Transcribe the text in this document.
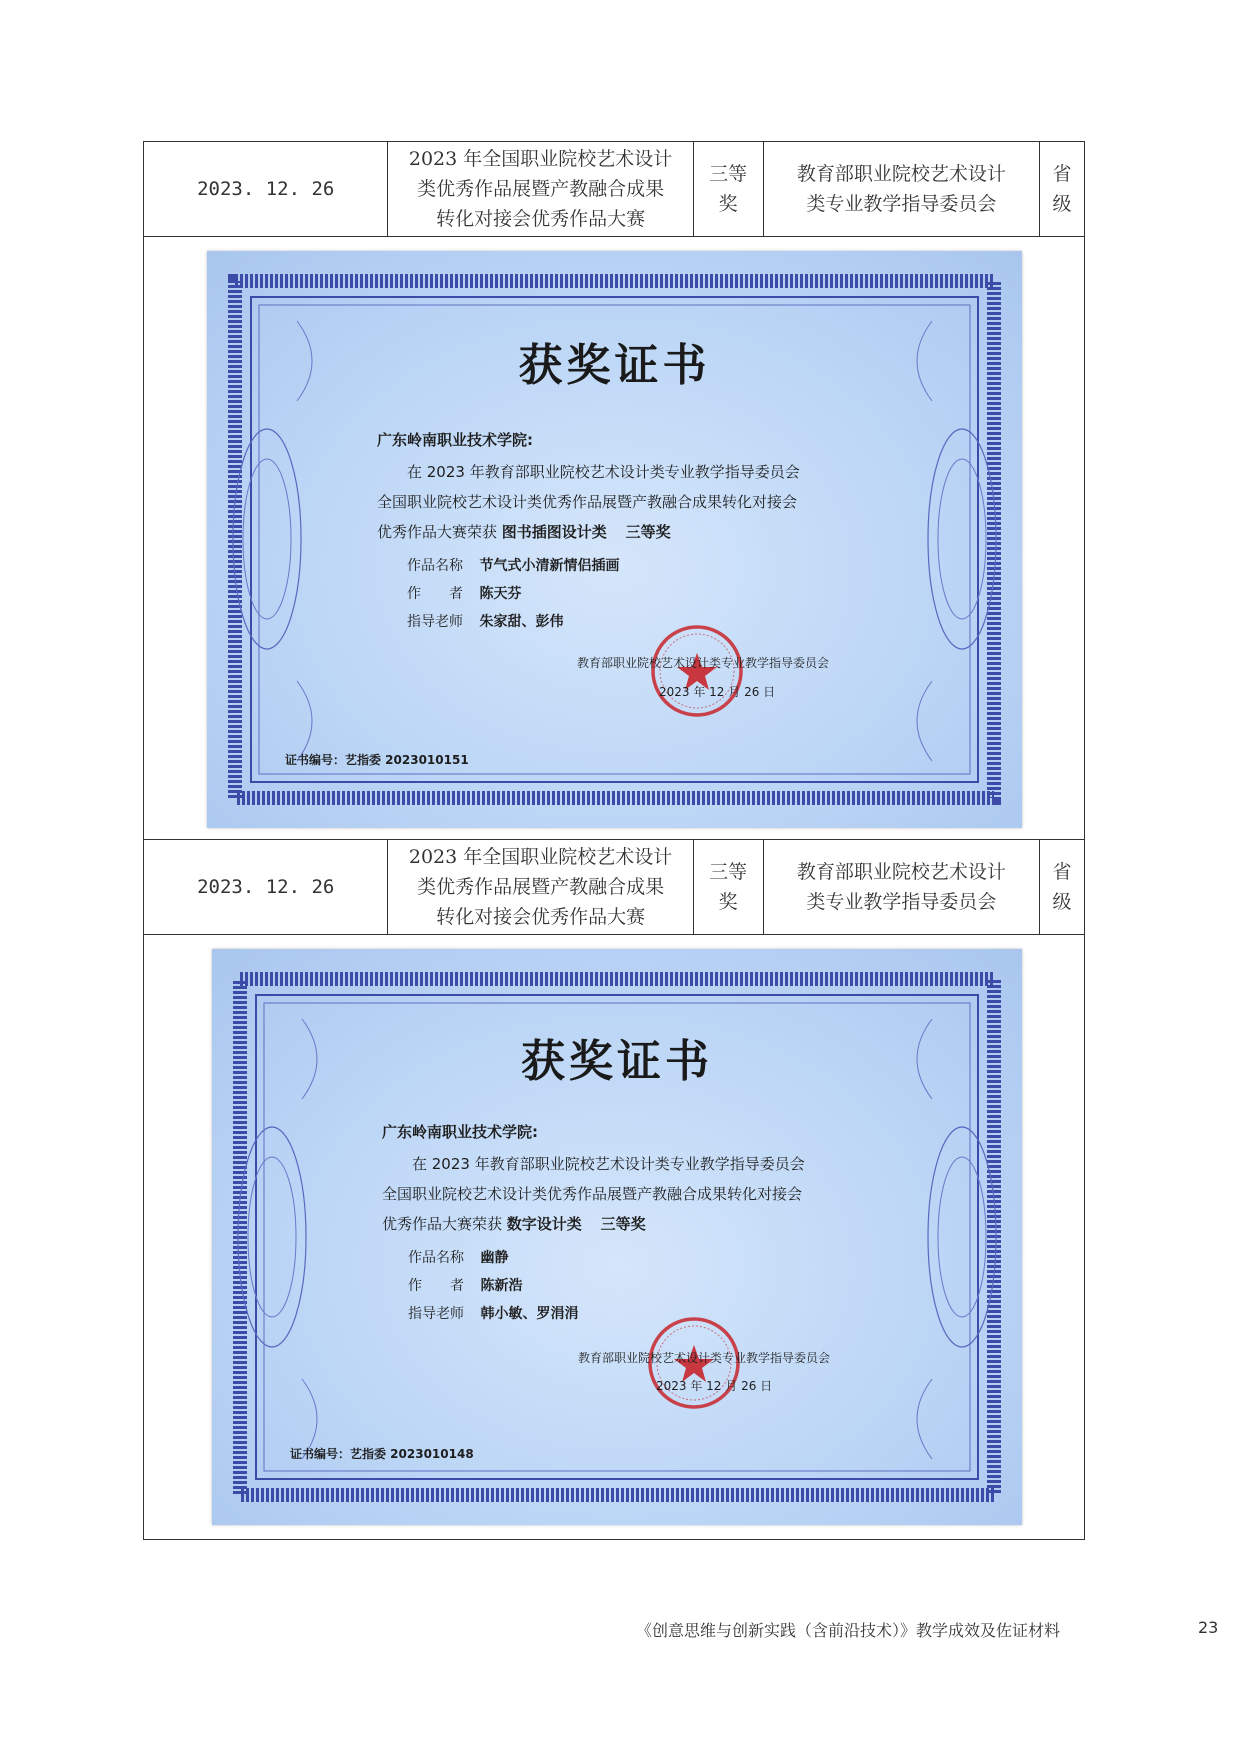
2023. 12. 26
2023 年全国职业院校艺术设计
类优秀作品展暨产教融合成果
转化对接会优秀作品大赛
三等
奖
教育部职业院校艺术设计
类专业教学指导委员会
省
级
获奖证书
广东岭南职业技术学院:
在 2023 年教育部职业院校艺术设计类专业教学指导委员会
全国职业院校艺术设计类优秀作品展暨产教融合成果转化对接会
优秀作品大赛荣获 图书插图设计类 三等奖
作品名称 节气式小清新情侣插画
作　　者 陈天芬
指导老师 朱家甜、彭伟
教育部职业院校艺术设计类专业教学指导委员会
2023 年 12 月 26 日
证书编号：艺指委 2023010151
2023. 12. 26
2023 年全国职业院校艺术设计
类优秀作品展暨产教融合成果
转化对接会优秀作品大赛
三等
奖
教育部职业院校艺术设计
类专业教学指导委员会
省
级
获奖证书
广东岭南职业技术学院:
在 2023 年教育部职业院校艺术设计类专业教学指导委员会
全国职业院校艺术设计类优秀作品展暨产教融合成果转化对接会
优秀作品大赛荣获 数字设计类 三等奖
作品名称 幽静
作　　者 陈新浩
指导老师 韩小敏、罗涓涓
教育部职业院校艺术设计类专业教学指导委员会
2023 年 12 月 26 日
证书编号：艺指委 2023010148
《创意思维与创新实践（含前沿技术）》教学成效及佐证材料	23
